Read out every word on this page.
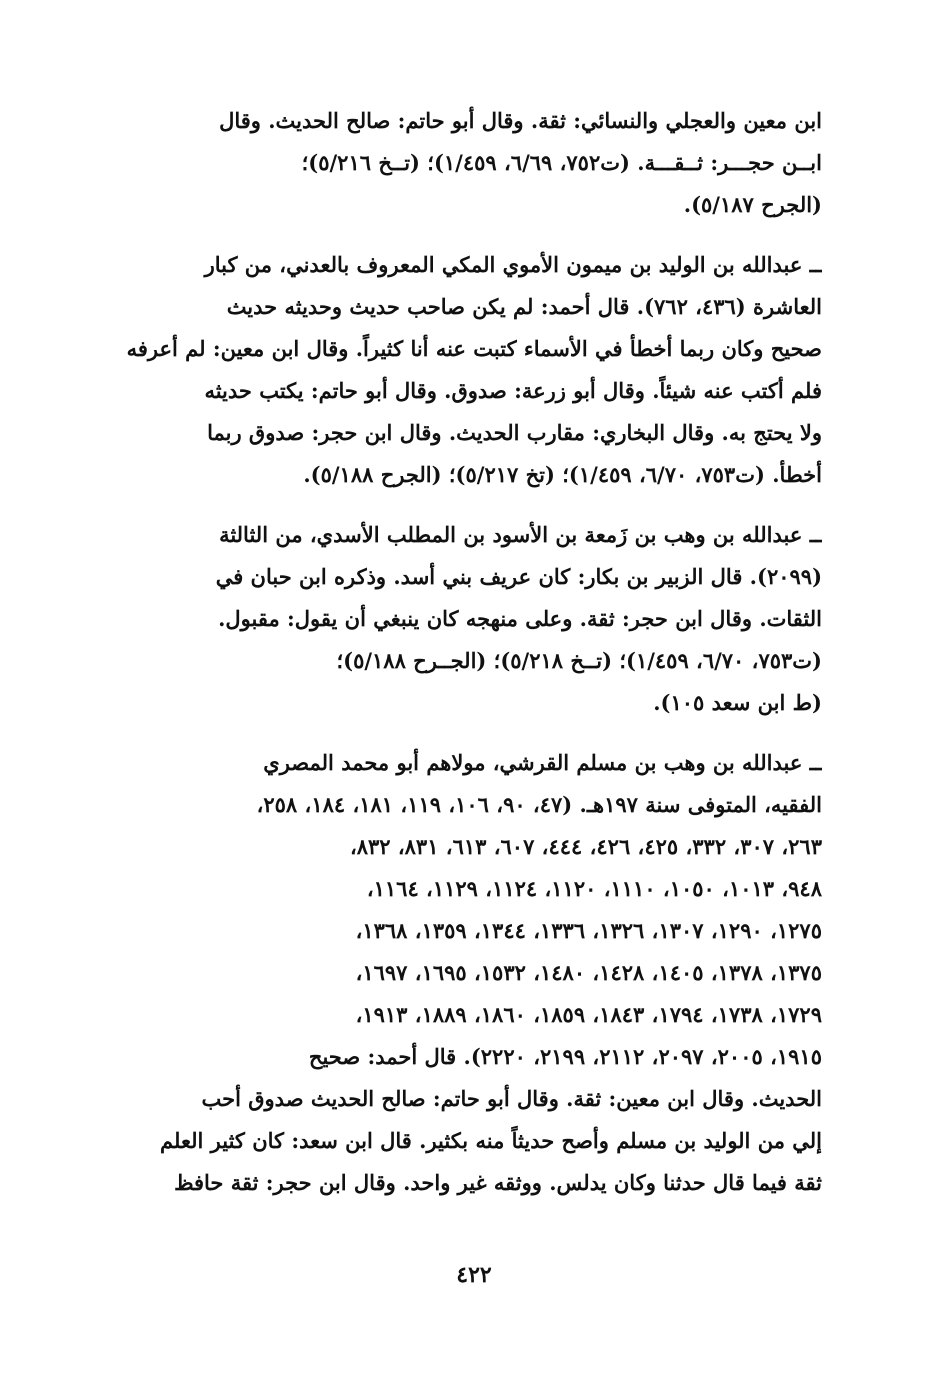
ابن معين والعجلي والنسائي: ثقة. وقال أبو حاتم: صالح الحديث. وقال
ابــن حجـــر: ثــقـــة. (ت٧٥٢، ٦/٦٩، ١/٤٥٩)؛ (تــخ ٥/٢١٦)؛
(الجرح ٥/١٨٧).
ــ عبدالله بن الوليد بن ميمون الأموي المكي المعروف بالعدني، من كبار
العاشرة (٤٣٦، ٧٦٢). قال أحمد: لم يكن صاحب حديث وحديثه حديث
صحيح وكان ربما أخطأ في الأسماء كتبت عنه أنا كثيراً. وقال ابن معين: لم أعرفه
فلم أكتب عنه شيئاً. وقال أبو زرعة: صدوق. وقال أبو حاتم: يكتب حديثه
ولا يحتج به. وقال البخاري: مقارب الحديث. وقال ابن حجر: صدوق ربما
أخطأ. (ت٧٥٣، ٦/٧٠، ١/٤٥٩)؛ (تخ ٥/٢١٧)؛ (الجرح ٥/١٨٨).
ــ عبدالله بن وهب بن زَمعة بن الأسود بن المطلب الأسدي، من الثالثة
(٢٠٩٩). قال الزبير بن بكار: كان عريف بني أسد. وذكره ابن حبان في
الثقات. وقال ابن حجر: ثقة. وعلى منهجه كان ينبغي أن يقول: مقبول.
(ت٧٥٣، ٦/٧٠، ١/٤٥٩)؛ (تــخ ٥/٢١٨)؛ (الجــرح ٥/١٨٨)؛
(ط ابن سعد ١٠٥).
ــ عبدالله بن وهب بن مسلم القرشي، مولاهم أبو محمد المصري
الفقيه، المتوفى سنة ١٩٧هـ. (٤٧، ٩٠، ١٠٦، ١١٩، ١٨١، ١٨٤، ٢٥٨،
٢٦٣، ٣٠٧، ٣٣٢، ٤٢٥، ٤٢٦، ٤٤٤، ٦٠٧، ٦١٣، ٨٣١، ٨٣٢،
٩٤٨، ١٠١٣، ١٠٥٠، ١١١٠، ١١٢٠، ١١٢٤، ١١٢٩، ١١٦٤،
١٢٧٥، ١٢٩٠، ١٣٠٧، ١٣٢٦، ١٣٣٦، ١٣٤٤، ١٣٥٩، ١٣٦٨،
١٣٧٥، ١٣٧٨، ١٤٠٥، ١٤٢٨، ١٤٨٠، ١٥٣٢، ١٦٩٥، ١٦٩٧،
١٧٢٩، ١٧٣٨، ١٧٩٤، ١٨٤٣، ١٨٥٩، ١٨٦٠، ١٨٨٩، ١٩١٣،
١٩١٥، ٢٠٠٥، ٢٠٩٧، ٢١١٢، ٢١٩٩، ٢٢٢٠). قال أحمد: صحيح
الحديث. وقال ابن معين: ثقة. وقال أبو حاتم: صالح الحديث صدوق أحب
إلي من الوليد بن مسلم وأصح حديثاً منه بكثير. قال ابن سعد: كان كثير العلم
ثقة فيما قال حدثنا وكان يدلس. ووثقه غير واحد. وقال ابن حجر: ثقة حافظ
٤٢٢
